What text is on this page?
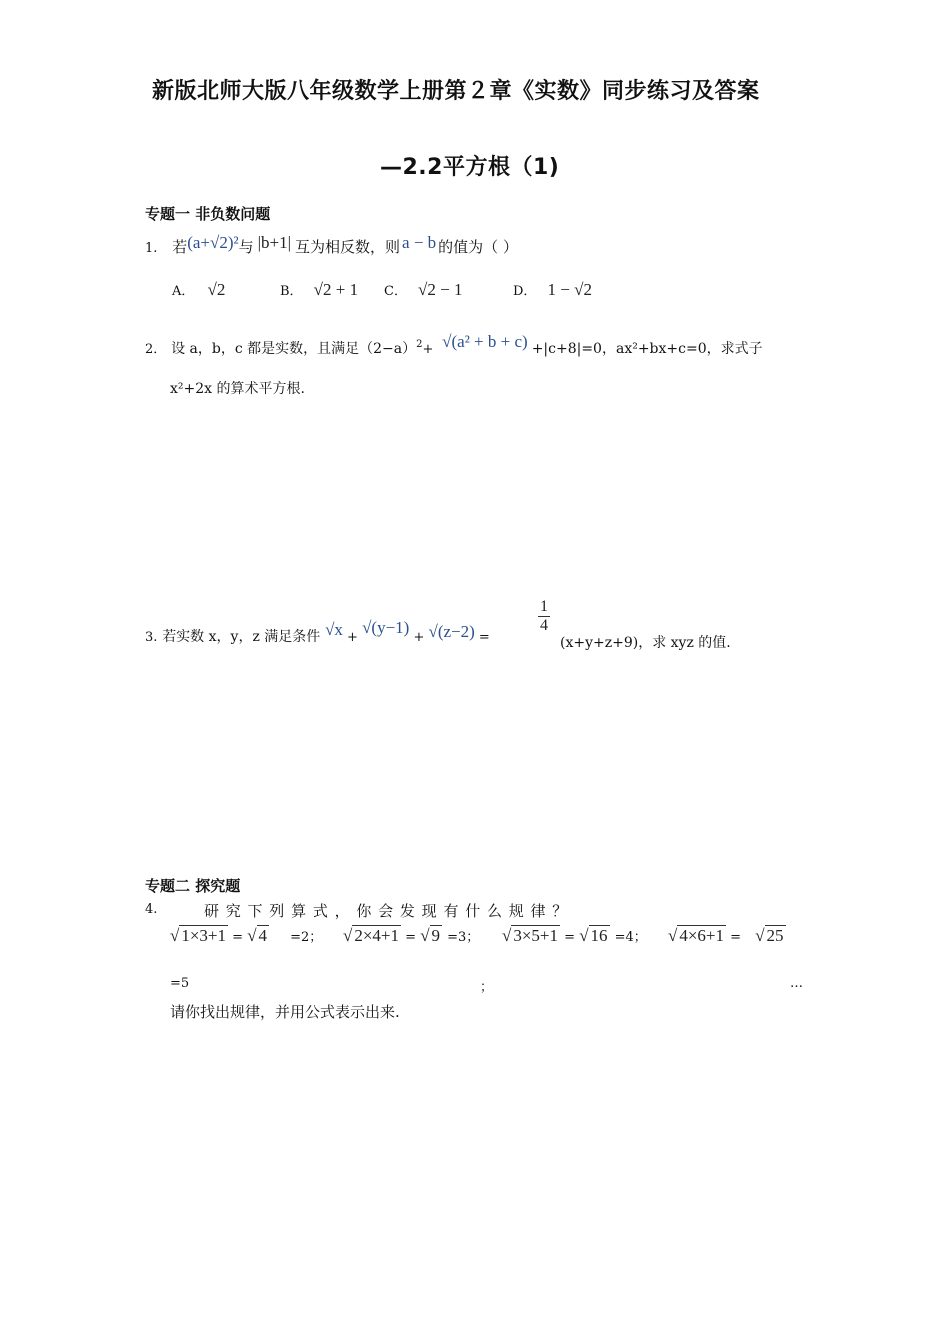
新版北师大版八年级数学上册第２章《实数》同步练习及答案
—2.2平方根（1)
专题一 非负数问题
1. 若(a+√2)²与 |b+1| 互为相反数，则 a − b 的值为（ ）
A． √2	B． √2 + 1 C． √2 − 1	D． 1 − √2
2． 设 a，b，c 都是实数，且满足$(2-a)^2+ √(a^2 + b + c) +|c+8|=0$，ax²+bx+c=0，求式子
x²+2x 的算术平方根.
3. 若实数 x，y，z 满足条件 √x + √(y−1) + √(z−2) =
$\frac{1}{4}$
(x+y+z+9)，求 xyz 的值.
专题二 探究题
4.	研 究 下 列 算 式 ， 你 会 发 现 有 什 么 规 律 ？
√ 1×3+1 = √ 4 =2； √ 2×4+1 = √ 9 =3； √ 3×5+1 = √ 16 =4； √ 4×6+1 = √ 25
=5	；	…
请你找出规律，并用公式表示出来.
